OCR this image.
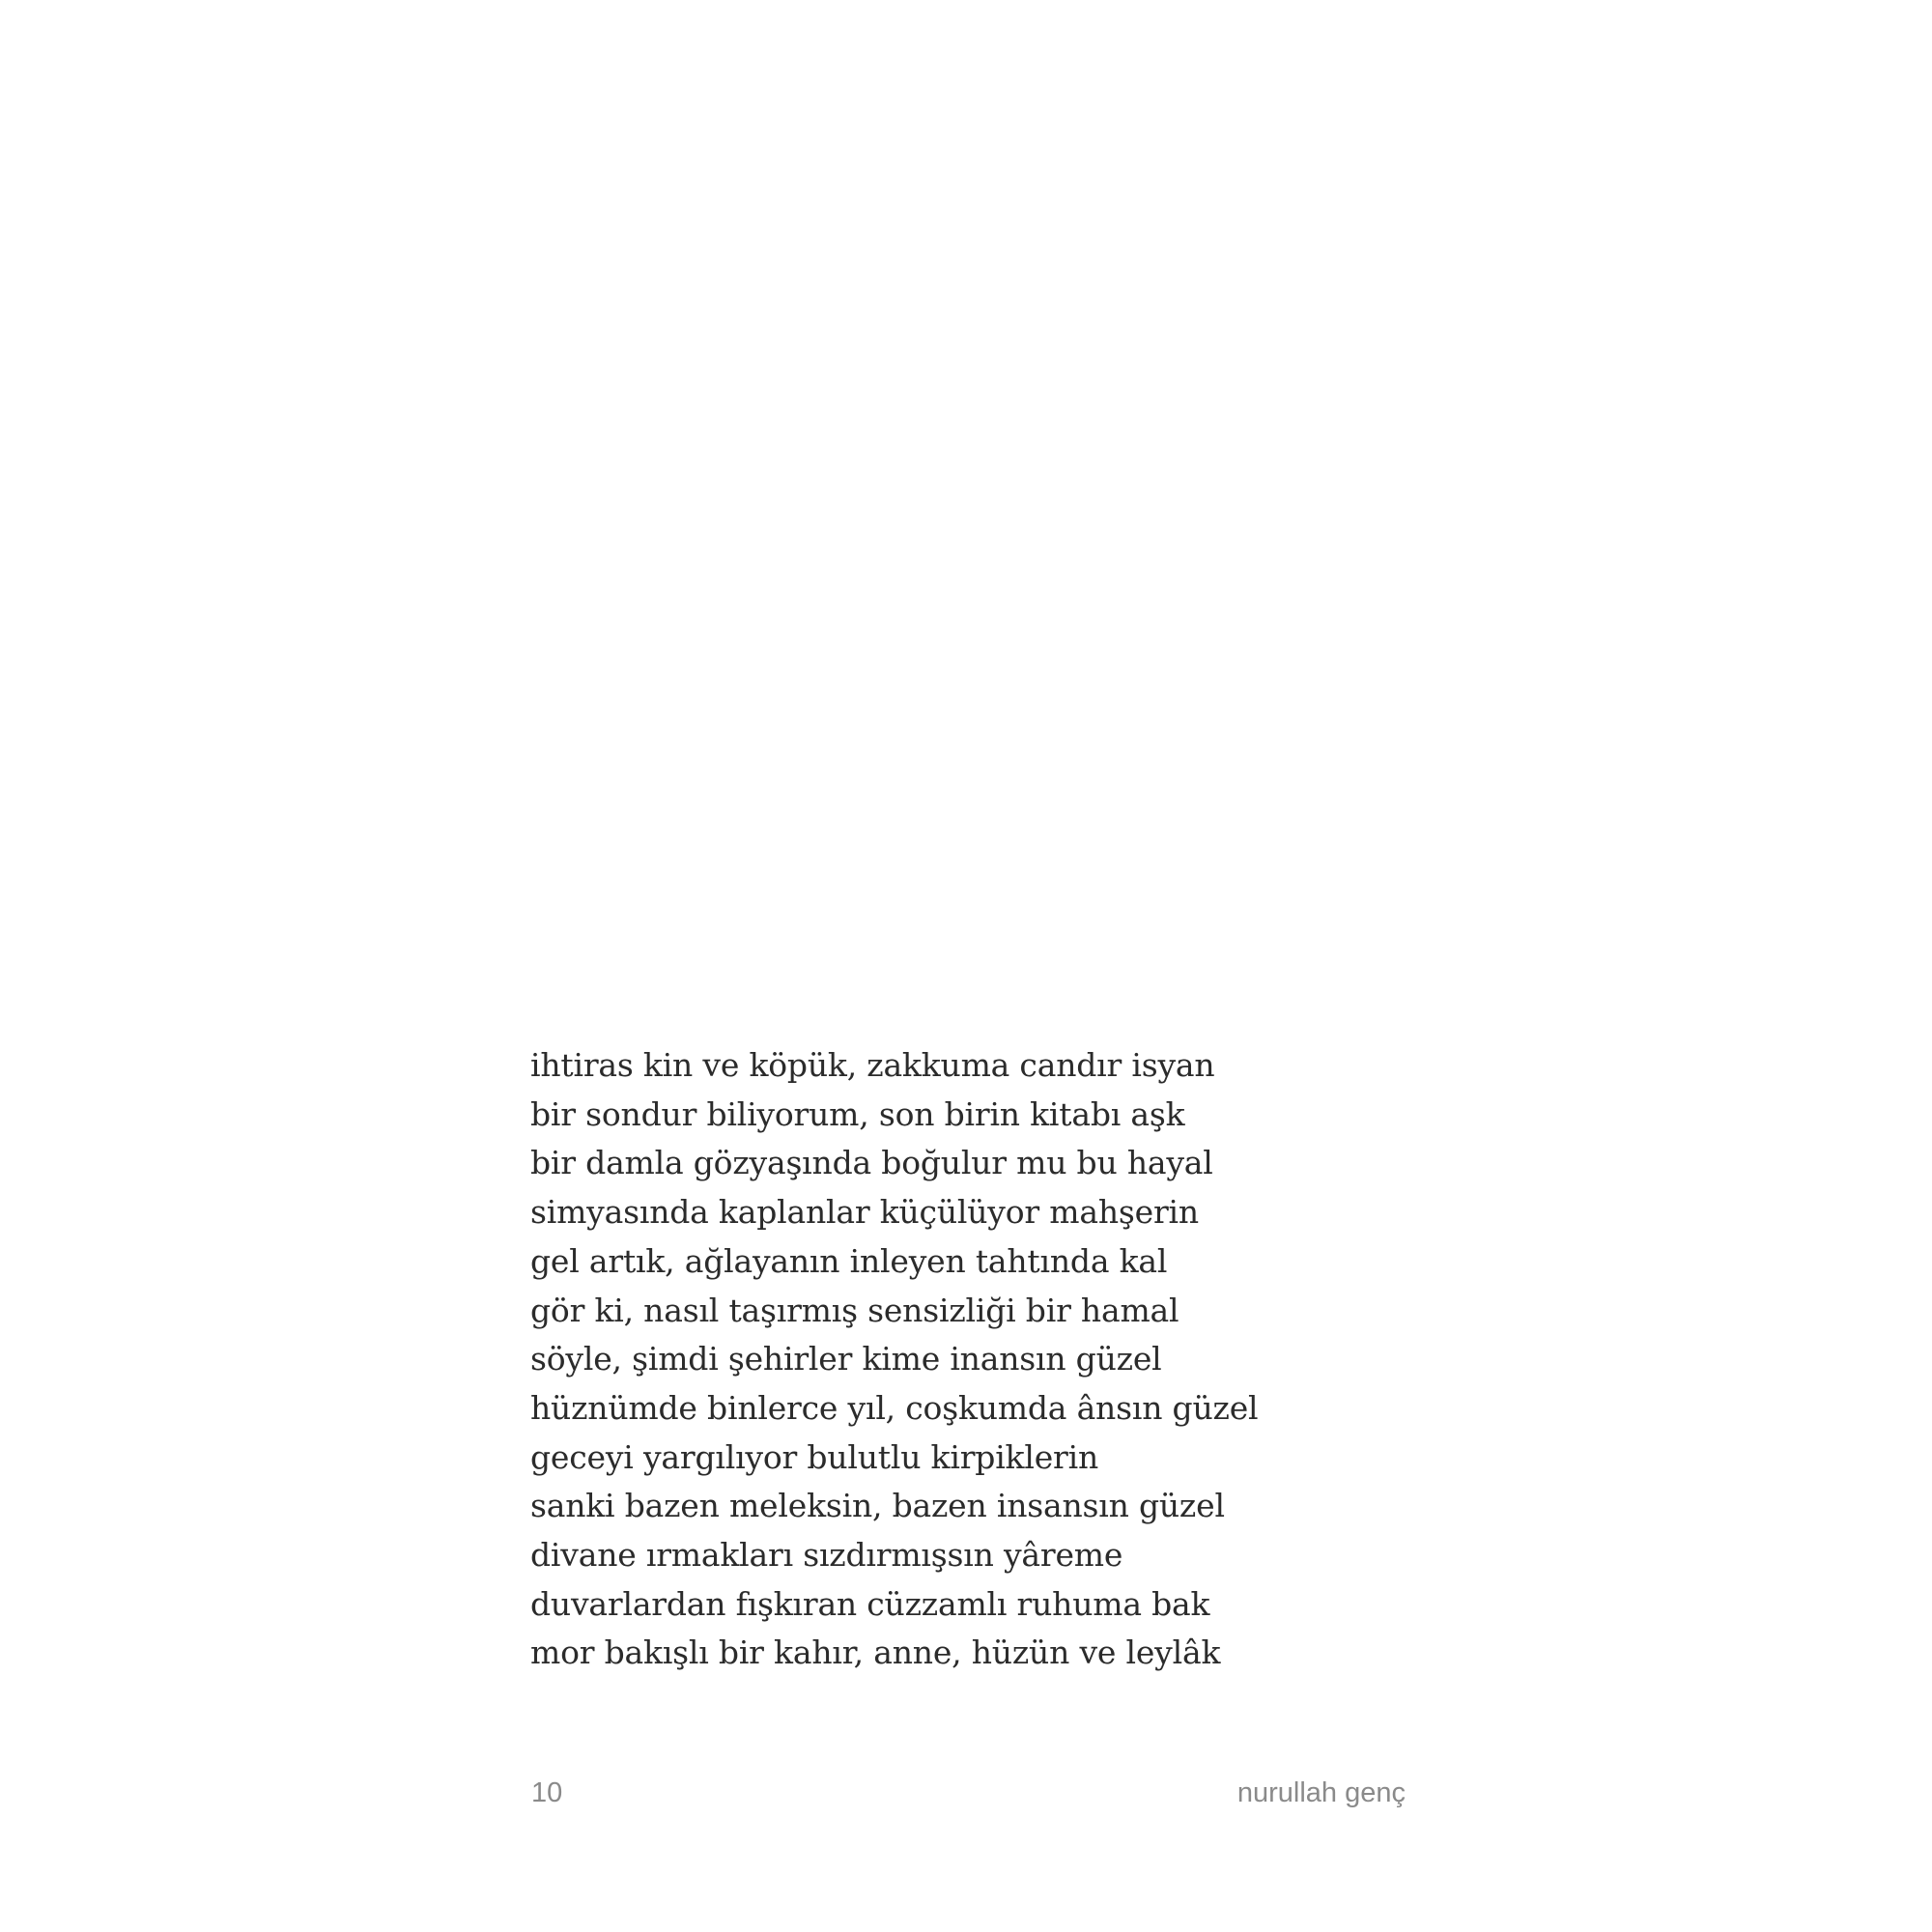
ihtiras kin ve köpük, zakkuma candır isyan
bir sondur biliyorum, son birin kitabı aşk
bir damla gözyaşında boğulur mu bu hayal
simyasında kaplanlar küçülüyor mahşerin
gel artık, ağlayanın inleyen tahtında kal
gör ki, nasıl taşırmış sensizliği bir hamal
söyle, şimdi şehirler kime inansın güzel
hüznümde binlerce yıl, coşkumda ânsın güzel
geceyi yargılıyor bulutlu kirpiklerin
sanki bazen meleksin, bazen insansın güzel
divane ırmakları sızdırmışsın yâreme
duvarlardan fışkıran cüzzamlı ruhuma bak
mor bakışlı bir kahır, anne, hüzün ve leylâk
10	nurullah genç
